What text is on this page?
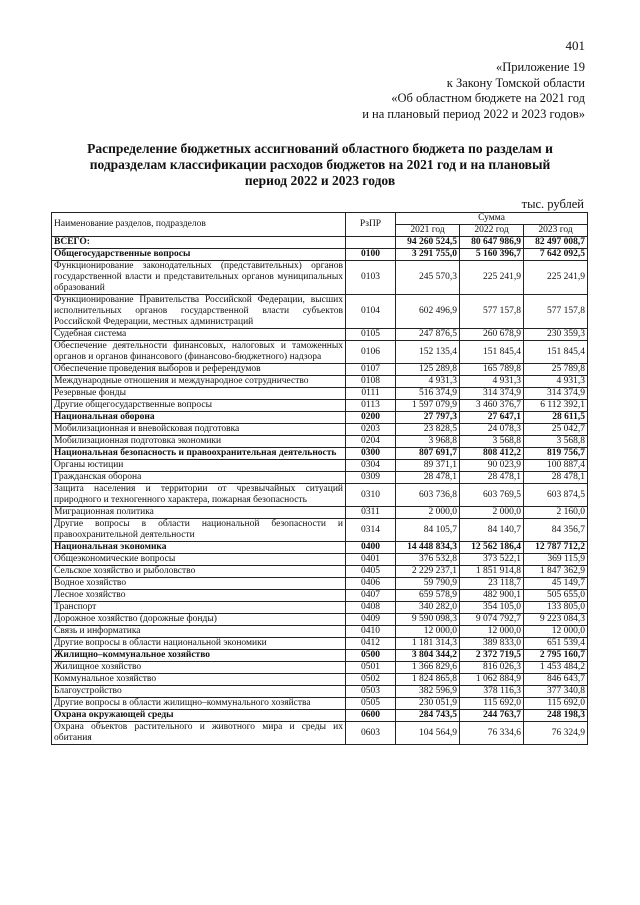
401
«Приложение 19
к Закону Томской области
«Об областном бюджете на 2021 год
и на плановый период 2022 и 2023 годов»
Распределение бюджетных ассигнований областного бюджета по разделам и подразделам классификации расходов бюджетов на 2021 год и на плановый период 2022 и 2023 годов
тыс. рублей
Наименование разделов, подразделов	РзПР	Сумма		
		2021 год	2022 год	2023 год
ВСЕГО:		94 260 524,5	80 647 986,9	82 497 008,7
Общегосударственные вопросы	0100	3 291 755,0	5 160 396,7	7 642 092,5
Функционирование законодательных (представительных) органов государственной власти и представительных органов муниципальных образований	0103	245 570,3	225 241,9	225 241,9
Функционирование Правительства Российской Федерации, высших исполнительных органов государственной власти субъектов Российской Федерации, местных администраций	0104	602 496,9	577 157,8	577 157,8
Судебная система	0105	247 876,5	260 678,9	230 359,3
Обеспечение деятельности финансовых, налоговых и таможенных органов и органов финансового (финансово-бюджетного) надзора	0106	152 135,4	151 845,4	151 845,4
Обеспечение проведения выборов и референдумов	0107	125 289,8	165 789,8	25 789,8
Международные отношения и международное сотрудничество	0108	4 931,3	4 931,3	4 931,3
Резервные фонды	0111	516 374,9	314 374,9	314 374,9
Другие общегосударственные вопросы	0113	1 597 079,9	3 460 376,7	6 112 392,1
Национальная оборона	0200	27 797,3	27 647,1	28 611,5
Мобилизационная и вневойсковая подготовка	0203	23 828,5	24 078,3	25 042,7
Мобилизационная подготовка экономики	0204	3 968,8	3 568,8	3 568,8
Национальная безопасность и правоохранительная деятельность	0300	807 691,7	808 412,2	819 756,7
Органы юстиции	0304	89 371,1	90 023,9	100 887,4
Гражданская оборона	0309	28 478,1	28 478,1	28 478,1
Защита населения и территории от чрезвычайных ситуаций природного и техногенного характера, пожарная безопасность	0310	603 736,8	603 769,5	603 874,5
Миграционная политика	0311	2 000,0	2 000,0	2 160,0
Другие вопросы в области национальной безопасности и правоохранительной деятельности	0314	84 105,7	84 140,7	84 356,7
Национальная экономика	0400	14 448 834,3	12 562 186,4	12 787 712,2
Общеэкономические вопросы	0401	376 532,8	373 522,1	369 115,9
Сельское хозяйство и рыболовство	0405	2 229 237,1	1 851 914,8	1 847 362,9
Водное хозяйство	0406	59 790,9	23 118,7	45 149,7
Лесное хозяйство	0407	659 578,9	482 900,1	505 655,0
Транспорт	0408	340 282,0	354 105,0	133 805,0
Дорожное хозяйство (дорожные фонды)	0409	9 590 098,3	9 074 792,7	9 223 084,3
Связь и информатика	0410	12 000,0	12 000,0	12 000,0
Другие вопросы в области национальной экономики	0412	1 181 314,3	389 833,0	651 539,4
Жилищно–коммунальное хозяйство	0500	3 804 344,2	2 372 719,5	2 795 160,7
Жилищное хозяйство	0501	1 366 829,6	816 026,3	1 453 484,2
Коммунальное хозяйство	0502	1 824 865,8	1 062 884,9	846 643,7
Благоустройство	0503	382 596,9	378 116,3	377 340,8
Другие вопросы в области жилищно–коммунального хозяйства	0505	230 051,9	115 692,0	115 692,0
Охрана окружающей среды	0600	284 743,5	244 763,7	248 198,3
Охрана объектов растительного и животного мира и среды их обитания	0603	104 564,9	76 334,6	76 324,9
